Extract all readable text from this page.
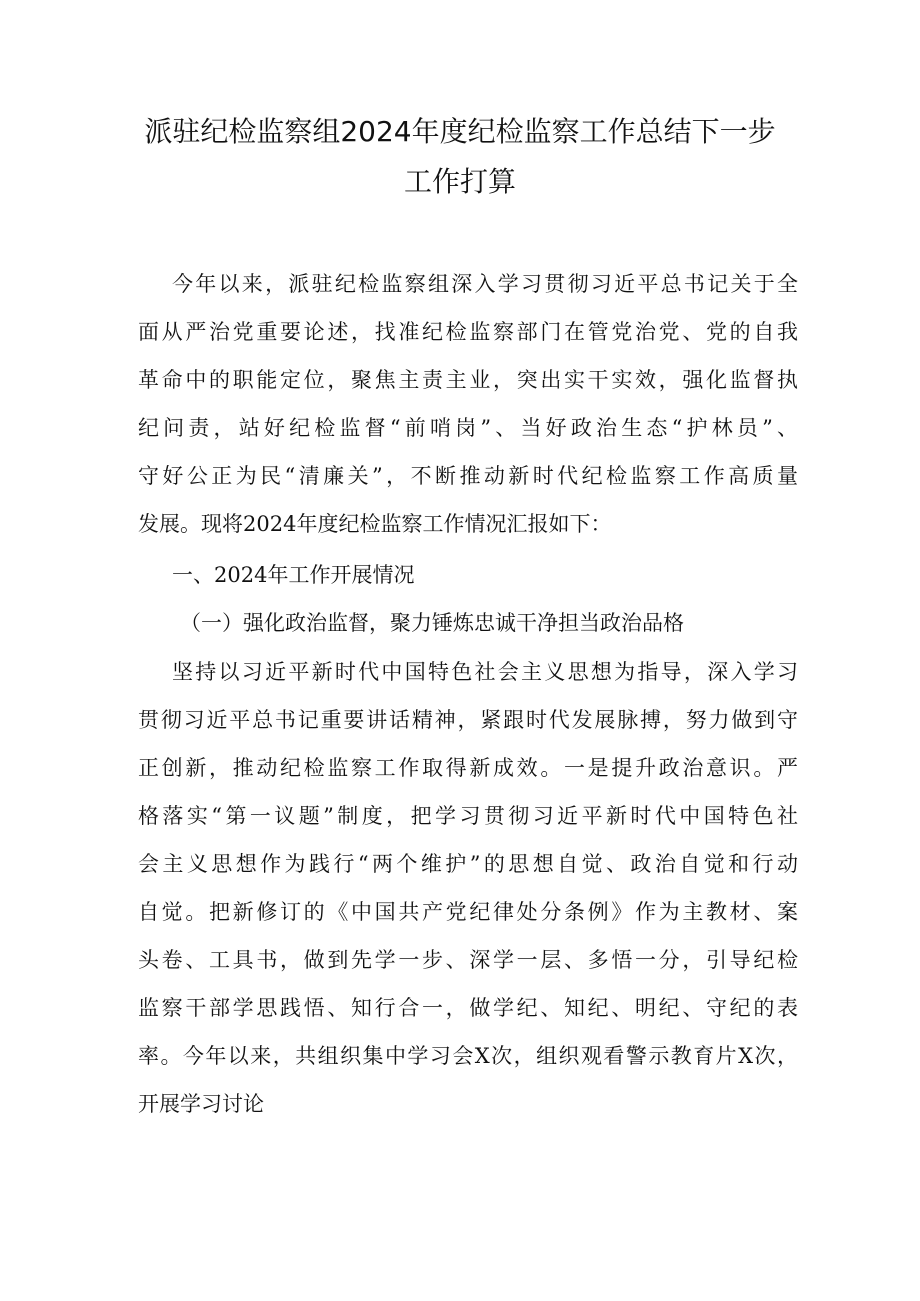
派驻纪检监察组2024年度纪检监察工作总结下一步
工作打算
今年以来，派驻纪检监察组深入学习贯彻习近平总书记关于全
面从严治党重要论述，找准纪检监察部门在管党治党、党的自我
革命中的职能定位，聚焦主责主业，突出实干实效，强化监督执
纪问责，站好纪检监督“前哨岗”、当好政治生态“护林员”、
守好公正为民“清廉关”，不断推动新时代纪检监察工作高质量
发展。现将2024年度纪检监察工作情况汇报如下：
一、2024年工作开展情况
（一）强化政治监督，聚力锤炼忠诚干净担当政治品格
坚持以习近平新时代中国特色社会主义思想为指导，深入学习
贯彻习近平总书记重要讲话精神，紧跟时代发展脉搏，努力做到守
正创新，推动纪检监察工作取得新成效。一是提升政治意识。严
格落实“第一议题”制度，把学习贯彻习近平新时代中国特色社
会主义思想作为践行“两个维护”的思想自觉、政治自觉和行动
自觉。把新修订的《中国共产党纪律处分条例》作为主教材、案
头卷、工具书，做到先学一步、深学一层、多悟一分，引导纪检
监察干部学思践悟、知行合一，做学纪、知纪、明纪、守纪的表
率。今年以来，共组织集中学习会X次，组织观看警示教育片X次，
开展学习讨论
